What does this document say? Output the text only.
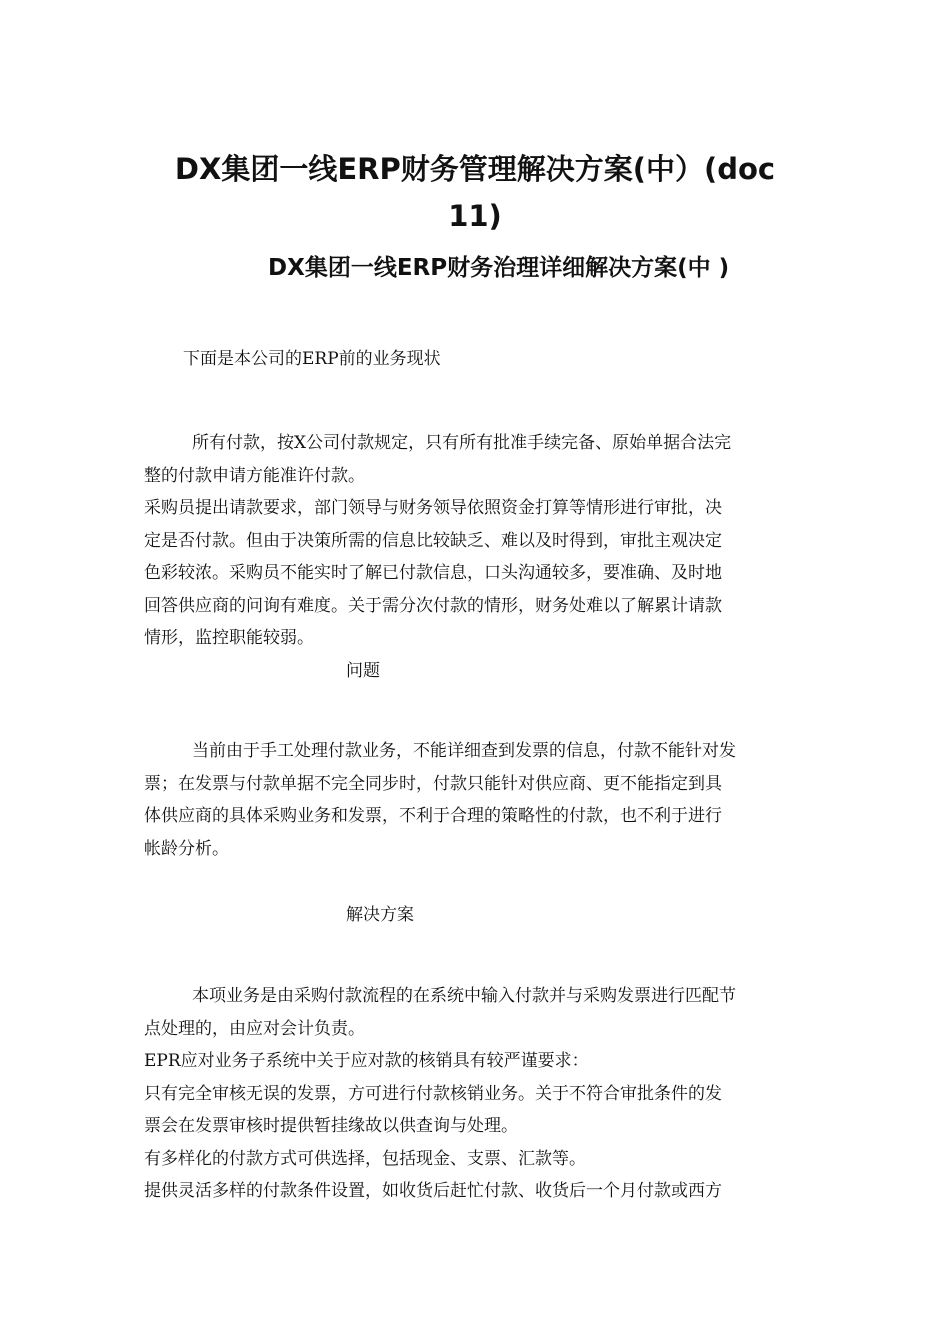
DX集团一线ERP财务管理解决方案(中）(doc
11)
DX集团一线ERP财务治理详细解决方案(中 )

下面是本公司的ERP前的业务现状

所有付款，按X公司付款规定，只有所有批准手续完备、原始单据合法完
整的付款申请方能准许付款。
采购员提出请款要求，部门领导与财务领导依照资金打算等情形进行审批，决
定是否付款。但由于决策所需的信息比较缺乏、难以及时得到，审批主观决定
色彩较浓。采购员不能实时了解已付款信息，口头沟通较多，要准确、及时地
回答供应商的问询有难度。关于需分次付款的情形，财务处难以了解累计请款
情形，监控职能较弱。

问题

当前由于手工处理付款业务，不能详细查到发票的信息，付款不能针对发
票；在发票与付款单据不完全同步时，付款只能针对供应商、更不能指定到具
体供应商的具体采购业务和发票，不利于合理的策略性的付款，也不利于进行
帐龄分析。

解决方案

本项业务是由采购付款流程的在系统中输入付款并与采购发票进行匹配节
点处理的，由应对会计负责。
EPR应对业务子系统中关于应对款的核销具有较严谨要求：
只有完全审核无误的发票，方可进行付款核销业务。关于不符合审批条件的发
票会在发票审核时提供暂挂缘故以供查询与处理。
有多样化的付款方式可供选择，包括现金、支票、汇款等。
提供灵活多样的付款条件设置，如收货后赶忙付款、收货后一个月付款或西方
